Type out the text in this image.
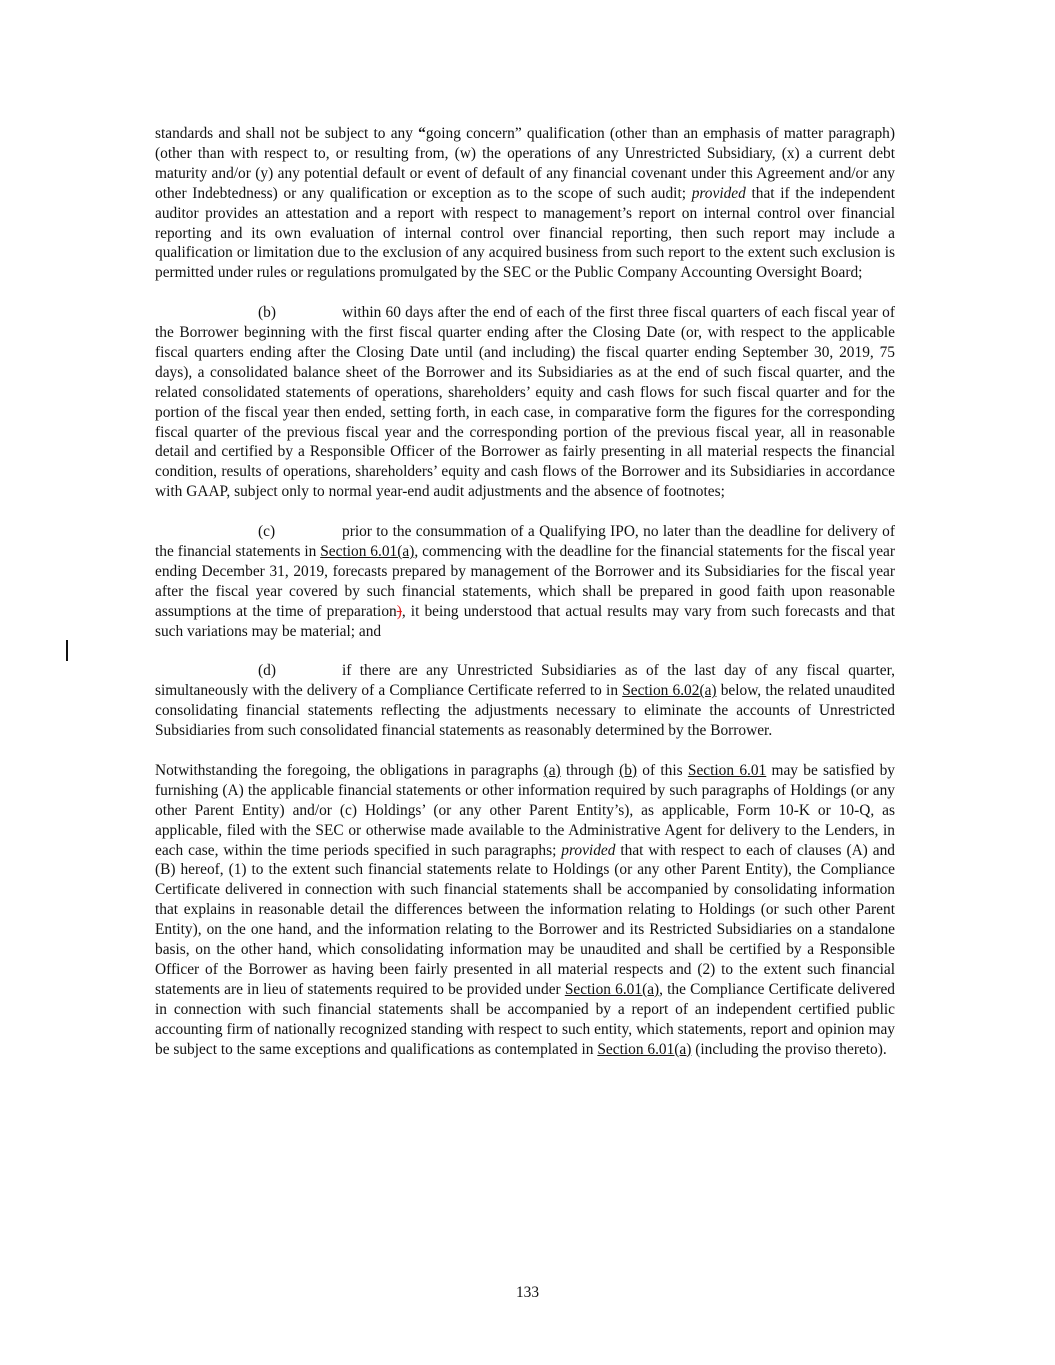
standards and shall not be subject to any “going concern” qualification (other than an emphasis of matter paragraph) (other than with respect to, or resulting from, (w) the operations of any Unrestricted Subsidiary, (x) a current debt maturity and/or (y) any potential default or event of default of any financial covenant under this Agreement and/or any other Indebtedness) or any qualification or exception as to the scope of such audit; provided that if the independent auditor provides an attestation and a report with respect to management’s report on internal control over financial reporting and its own evaluation of internal control over financial reporting, then such report may include a qualification or limitation due to the exclusion of any acquired business from such report to the extent such exclusion is permitted under rules or regulations promulgated by the SEC or the Public Company Accounting Oversight Board;

(b)	within 60 days after the end of each of the first three fiscal quarters of each fiscal year of the Borrower beginning with the first fiscal quarter ending after the Closing Date (or, with respect to the applicable fiscal quarters ending after the Closing Date until (and including) the fiscal quarter ending September 30, 2019, 75 days), a consolidated balance sheet of the Borrower and its Subsidiaries as at the end of such fiscal quarter, and the related consolidated statements of operations, shareholders’ equity and cash flows for such fiscal quarter and for the portion of the fiscal year then ended, setting forth, in each case, in comparative form the figures for the corresponding fiscal quarter of the previous fiscal year and the corresponding portion of the previous fiscal year, all in reasonable detail and certified by a Responsible Officer of the Borrower as fairly presenting in all material respects the financial condition, results of operations, shareholders’ equity and cash flows of the Borrower and its Subsidiaries in accordance with GAAP, subject only to normal year-end audit adjustments and the absence of footnotes;

(c)	prior to the consummation of a Qualifying IPO, no later than the deadline for delivery of the financial statements in Section 6.01(a), commencing with the deadline for the financial statements for the fiscal year ending December 31, 2019, forecasts prepared by management of the Borrower and its Subsidiaries for the fiscal year after the fiscal year covered by such financial statements, which shall be prepared in good faith upon reasonable assumptions at the time of preparation), it being understood that actual results may vary from such forecasts and that such variations may be material; and

(d)	if there are any Unrestricted Subsidiaries as of the last day of any fiscal quarter, simultaneously with the delivery of a Compliance Certificate referred to in Section 6.02(a) below, the related unaudited consolidating financial statements reflecting the adjustments necessary to eliminate the accounts of Unrestricted Subsidiaries from such consolidated financial statements as reasonably determined by the Borrower.

Notwithstanding the foregoing, the obligations in paragraphs (a) through (b) of this Section 6.01 may be satisfied by furnishing (A) the applicable financial statements or other information required by such paragraphs of Holdings (or any other Parent Entity) and/or (c) Holdings’ (or any other Parent Entity’s), as applicable, Form 10-K or 10-Q, as applicable, filed with the SEC or otherwise made available to the Administrative Agent for delivery to the Lenders, in each case, within the time periods specified in such paragraphs; provided that with respect to each of clauses (A) and (B) hereof, (1) to the extent such financial statements relate to Holdings (or any other Parent Entity), the Compliance Certificate delivered in connection with such financial statements shall be accompanied by consolidating information that explains in reasonable detail the differences between the information relating to Holdings (or such other Parent Entity), on the one hand, and the information relating to the Borrower and its Restricted Subsidiaries on a standalone basis, on the other hand, which consolidating information may be unaudited and shall be certified by a Responsible Officer of the Borrower as having been fairly presented in all material respects and (2) to the extent such financial statements are in lieu of statements required to be provided under Section 6.01(a), the Compliance Certificate delivered in connection with such financial statements shall be accompanied by a report of an independent certified public accounting firm of nationally recognized standing with respect to such entity, which statements, report and opinion may be subject to the same exceptions and qualifications as contemplated in Section 6.01(a) (including the proviso thereto).

133
